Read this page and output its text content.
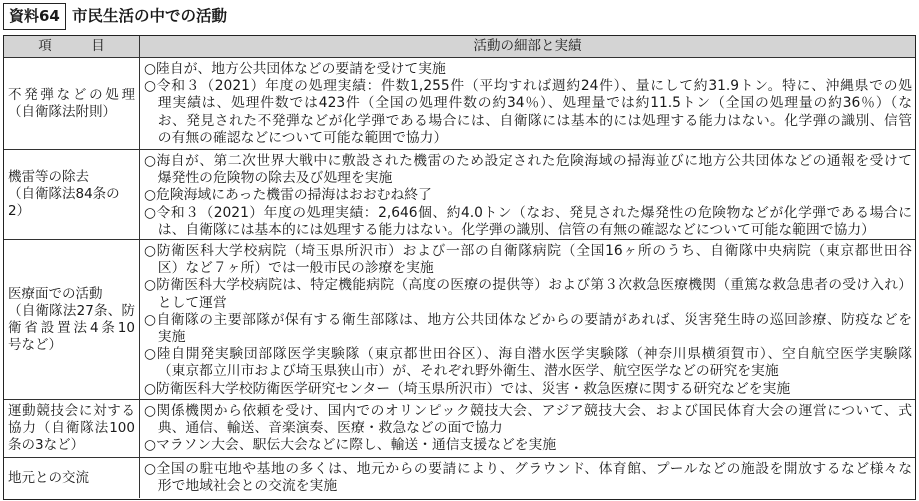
資料64 市民生活の中での活動
項　目	活動の細部と実績
不発弾などの処理
（自衛隊法附則）
○陸自が、地方公共団体などの要請を受けて実施
○令和３（2021）年度の処理実績：件数1,255件（平均すれば週約24件）、量にして約31.9トン。特に、沖縄県での処
理実績は、処理件数では423件（全国の処理件数の約34％）、処理量では約11.5トン（全国の処理量の約36％）（な
お、発見された不発弾などが化学弾である場合には、自衛隊には基本的には処理する能力はない。化学弾の識別、信管
の有無の確認などについて可能な範囲で協力）
機雷等の除去
（自衛隊法84条の2）
○海自が、第二次世界大戦中に敷設された機雷のため設定された危険海域の掃海並びに地方公共団体などの通報を受けて
爆発性の危険物の除去及び処理を実施
○危険海域にあった機雷の掃海はおおむね終了
○令和３（2021）年度の処理実績：2,646個、約4.0トン（なお、発見された爆発性の危険物などが化学弾である場合に
は、自衛隊には基本的には処理する能力はない。化学弾の識別、信管の有無の確認などについて可能な範囲で協力）
医療面での活動
（自衛隊法27条、防
衛省設置法4条10
号など）
○防衛医科大学校病院（埼玉県所沢市）および一部の自衛隊病院（全国16ヶ所のうち、自衛隊中央病院（東京都世田谷
区）など７ヶ所）では一般市民の診療を実施
○防衛医科大学校病院は、特定機能病院（高度の医療の提供等）および第３次救急医療機関（重篤な救急患者の受け入れ）
として運営
○自衛隊の主要部隊が保有する衛生部隊は、地方公共団体などからの要請があれば、災害発生時の巡回診療、防疫などを
実施
○陸自開発実験団部隊医学実験隊（東京都世田谷区）、海自潜水医学実験隊（神奈川県横須賀市）、空自航空医学実験隊
（東京都立川市および埼玉県狭山市）が、それぞれ野外衛生、潜水医学、航空医学などの研究を実施
○防衛医科大学校防衛医学研究センター（埼玉県所沢市）では、災害・救急医療に関する研究などを実施
運動競技会に対する
協力（自衛隊法100
条の3など）
○関係機関から依頼を受け、国内でのオリンピック競技大会、アジア競技大会、および国民体育大会の運営について、式
典、通信、輸送、音楽演奏、医療・救急などの面で協力
○マラソン大会、駅伝大会などに際し、輸送・通信支援などを実施
地元との交流
○全国の駐屯地や基地の多くは、地元からの要請により、グラウンド、体育館、プールなどの施設を開放するなど様々な
形で地域社会との交流を実施
